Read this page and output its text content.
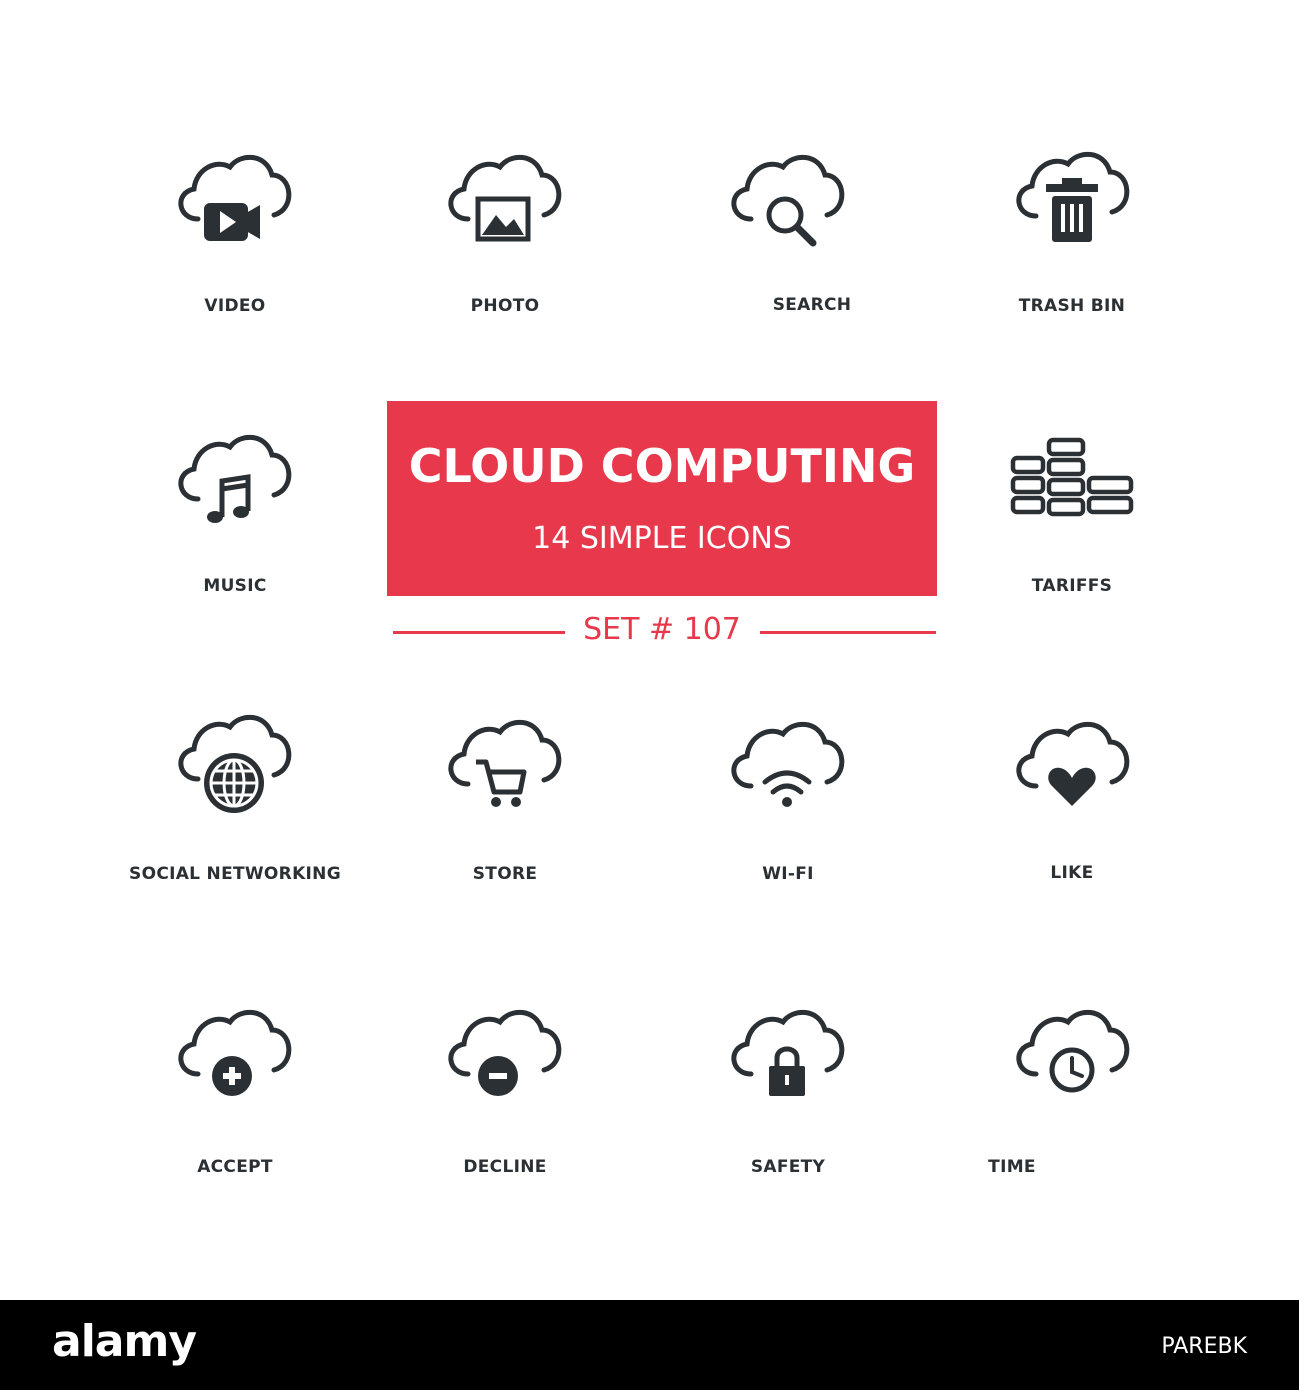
VIDEO	PHOTO	SEARCH	TRASH BIN
MUSIC	TARIFFS
CLOUD COMPUTING
14 SIMPLE ICONS
SET # 107
SOCIAL NETWORKING	STORE	WI-FI	LIKE
ACCEPT	DECLINE	SAFETY	TIME
alamy	PAREBK
